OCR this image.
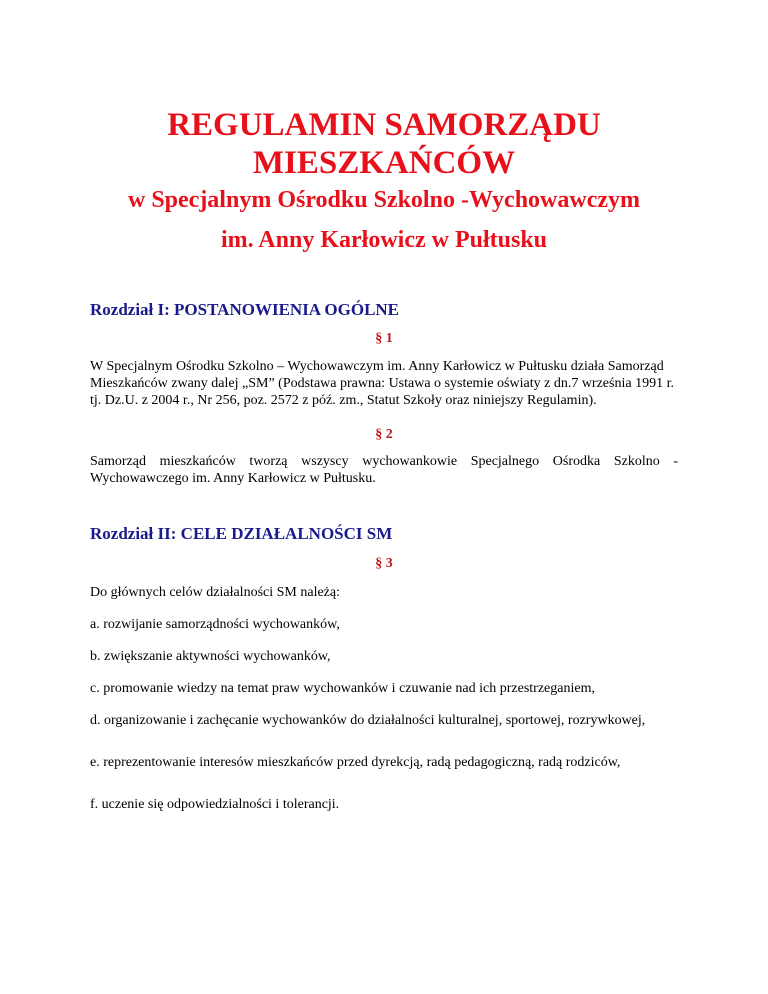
REGULAMIN SAMORZĄDU
MIESZKAŃCÓW
w Specjalnym Ośrodku Szkolno -Wychowawczym
im. Anny Karłowicz w Pułtusku
Rozdział I: POSTANOWIENIA OGÓLNE

§ 1

W Specjalnym Ośrodku Szkolno – Wychowawczym im. Anny Karłowicz w Pułtusku działa Samorząd Mieszkańców zwany dalej „SM” (Podstawa prawna: Ustawa o systemie oświaty z dn.7 września 1991 r. tj. Dz.U. z 2004 r., Nr 256, poz. 2572 z póź. zm., Statut Szkoły oraz niniejszy Regulamin).

§ 2

Samorząd mieszkańców tworzą wszyscy wychowankowie Specjalnego Ośrodka Szkolno - Wychowawczego im. Anny Karłowicz w Pułtusku.

Rozdział II: CELE DZIAŁALNOŚCI SM

§ 3

Do głównych celów działalności SM należą:

a. rozwijanie samorządności wychowanków,

b. zwiększanie aktywności wychowanków,

c. promowanie wiedzy na temat praw wychowanków i czuwanie nad ich przestrzeganiem,

d. organizowanie i zachęcanie wychowanków do działalności kulturalnej, sportowej, rozrywkowej,

e. reprezentowanie interesów mieszkańców przed dyrekcją, radą pedagogiczną, radą rodziców,

f. uczenie się odpowiedzialności i tolerancji.
